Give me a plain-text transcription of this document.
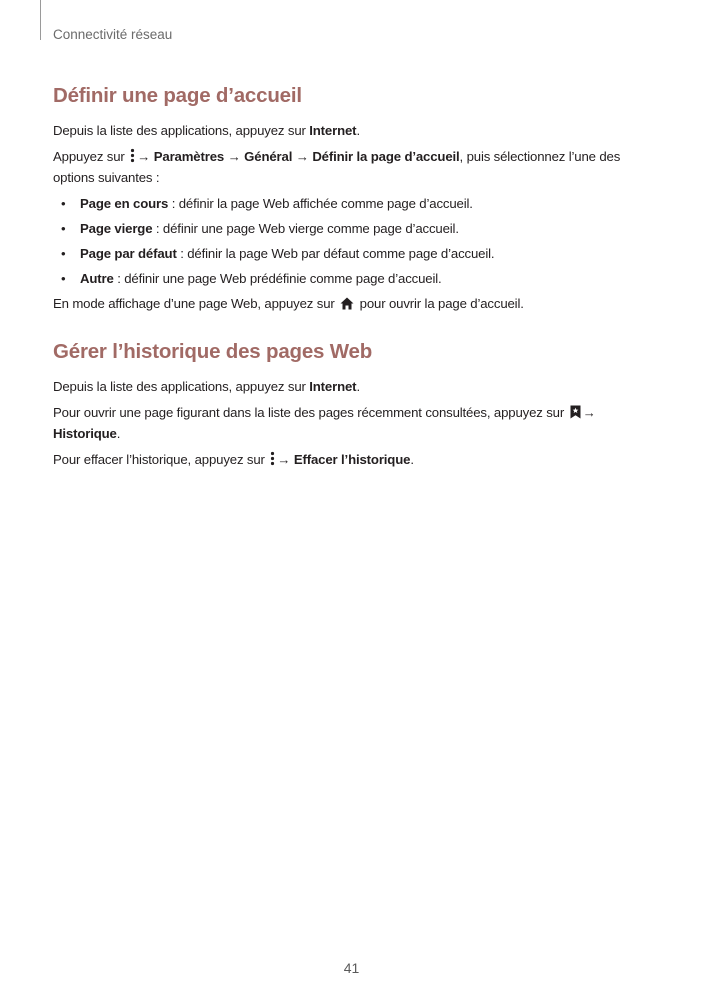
Connectivité réseau
Définir une page d’accueil

Depuis la liste des applications, appuyez sur Internet.

Appuyez sur → Paramètres → Général → Définir la page d’accueil, puis sélectionnez l’une des options suivantes :

• Page en cours : définir la page Web affichée comme page d’accueil.
• Page vierge : définir une page Web vierge comme page d’accueil.
• Page par défaut : définir la page Web par défaut comme page d’accueil.
• Autre : définir une page Web prédéfinie comme page d’accueil.

En mode affichage d’une page Web, appuyez sur  pour ouvrir la page d’accueil.

Gérer l’historique des pages Web

Depuis la liste des applications, appuyez sur Internet.

Pour ouvrir une page figurant dans la liste des pages récemment consultées, appuyez sur →
Historique.

Pour effacer l’historique, appuyez sur → Effacer l’historique.

41
